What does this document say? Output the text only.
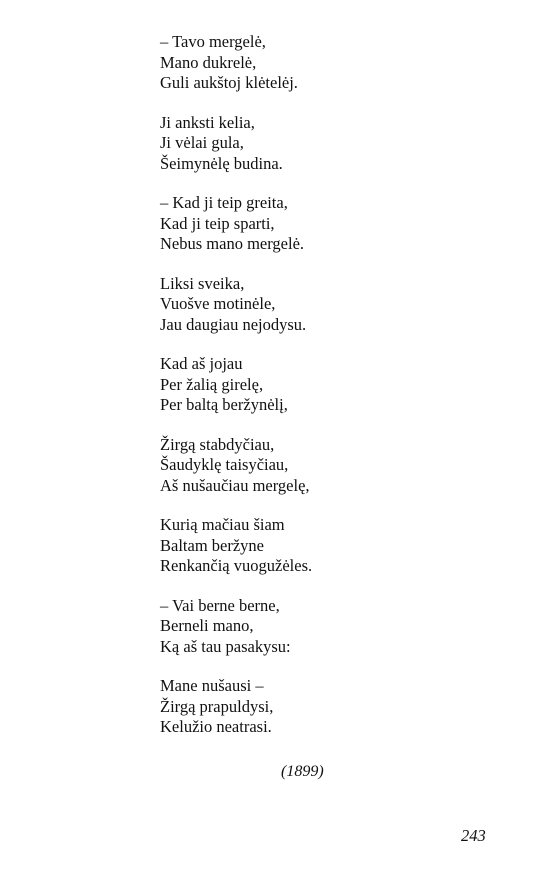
– Tavo mergelė,
Mano dukrelė,
Guli aukštoj klėtelėj.
Ji anksti kelia,
Ji vėlai gula,
Šeimynėlę budina.
– Kad ji teip greita,
Kad ji teip sparti,
Nebus mano mergelė.
Liksi sveika,
Vuošve motinėle,
Jau daugiau nejodysu.
Kad aš jojau
Per žalią girelę,
Per baltą beržynėlį,
Žirgą stabdyčiau,
Šaudyklę taisyčiau,
Aš nušaučiau mergelę,
Kurią mačiau šiam
Baltam beržyne
Renkančią vuogužėles.
– Vai berne berne,
Berneli mano,
Ką aš tau pasakysu:
Mane nušausi –
Žirgą prapuldysi,
Kelužio neatrasi.
(1899)
243
